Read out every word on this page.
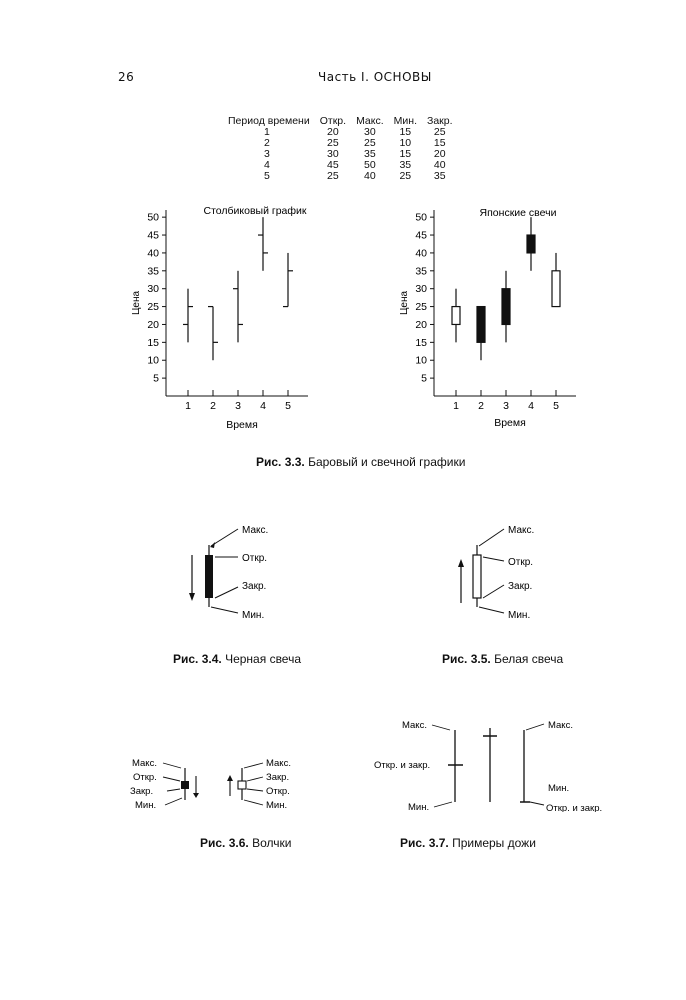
26	Часть I. ОСНОВЫ
Период времени	Откр.	Макс.	Мин.	Закр.
1	20	30	15	25
2	25	25	10	15
3	30	35	15	20
4	45	50	35	40
5	25	40	25	35
Столбиковый график
Цена
Время
5
10
15
20
25
30
35
40
45
50
1 2 3 4 5
Японские свечи
Цена
Время
5
10
15
20
25
30
35
40
45
50
1 2 3 4 5
Рис. 3.3. Баровый и свечной графики
Макс.
Откр.
Закр.
Мин.
Рис. 3.4. Черная свеча
Макс.
Откр.
Закр.
Мин.
Рис. 3.5. Белая свеча
Макс.
Откр.
Закр.
Мин.
Макс.
Закр.
Откр.
Мин.
Рис. 3.6. Волчки
Макс.
Откр. и закр.
Мин.
Макс.
Мин.
Откр. и закр.
Рис. 3.7. Примеры дожи
